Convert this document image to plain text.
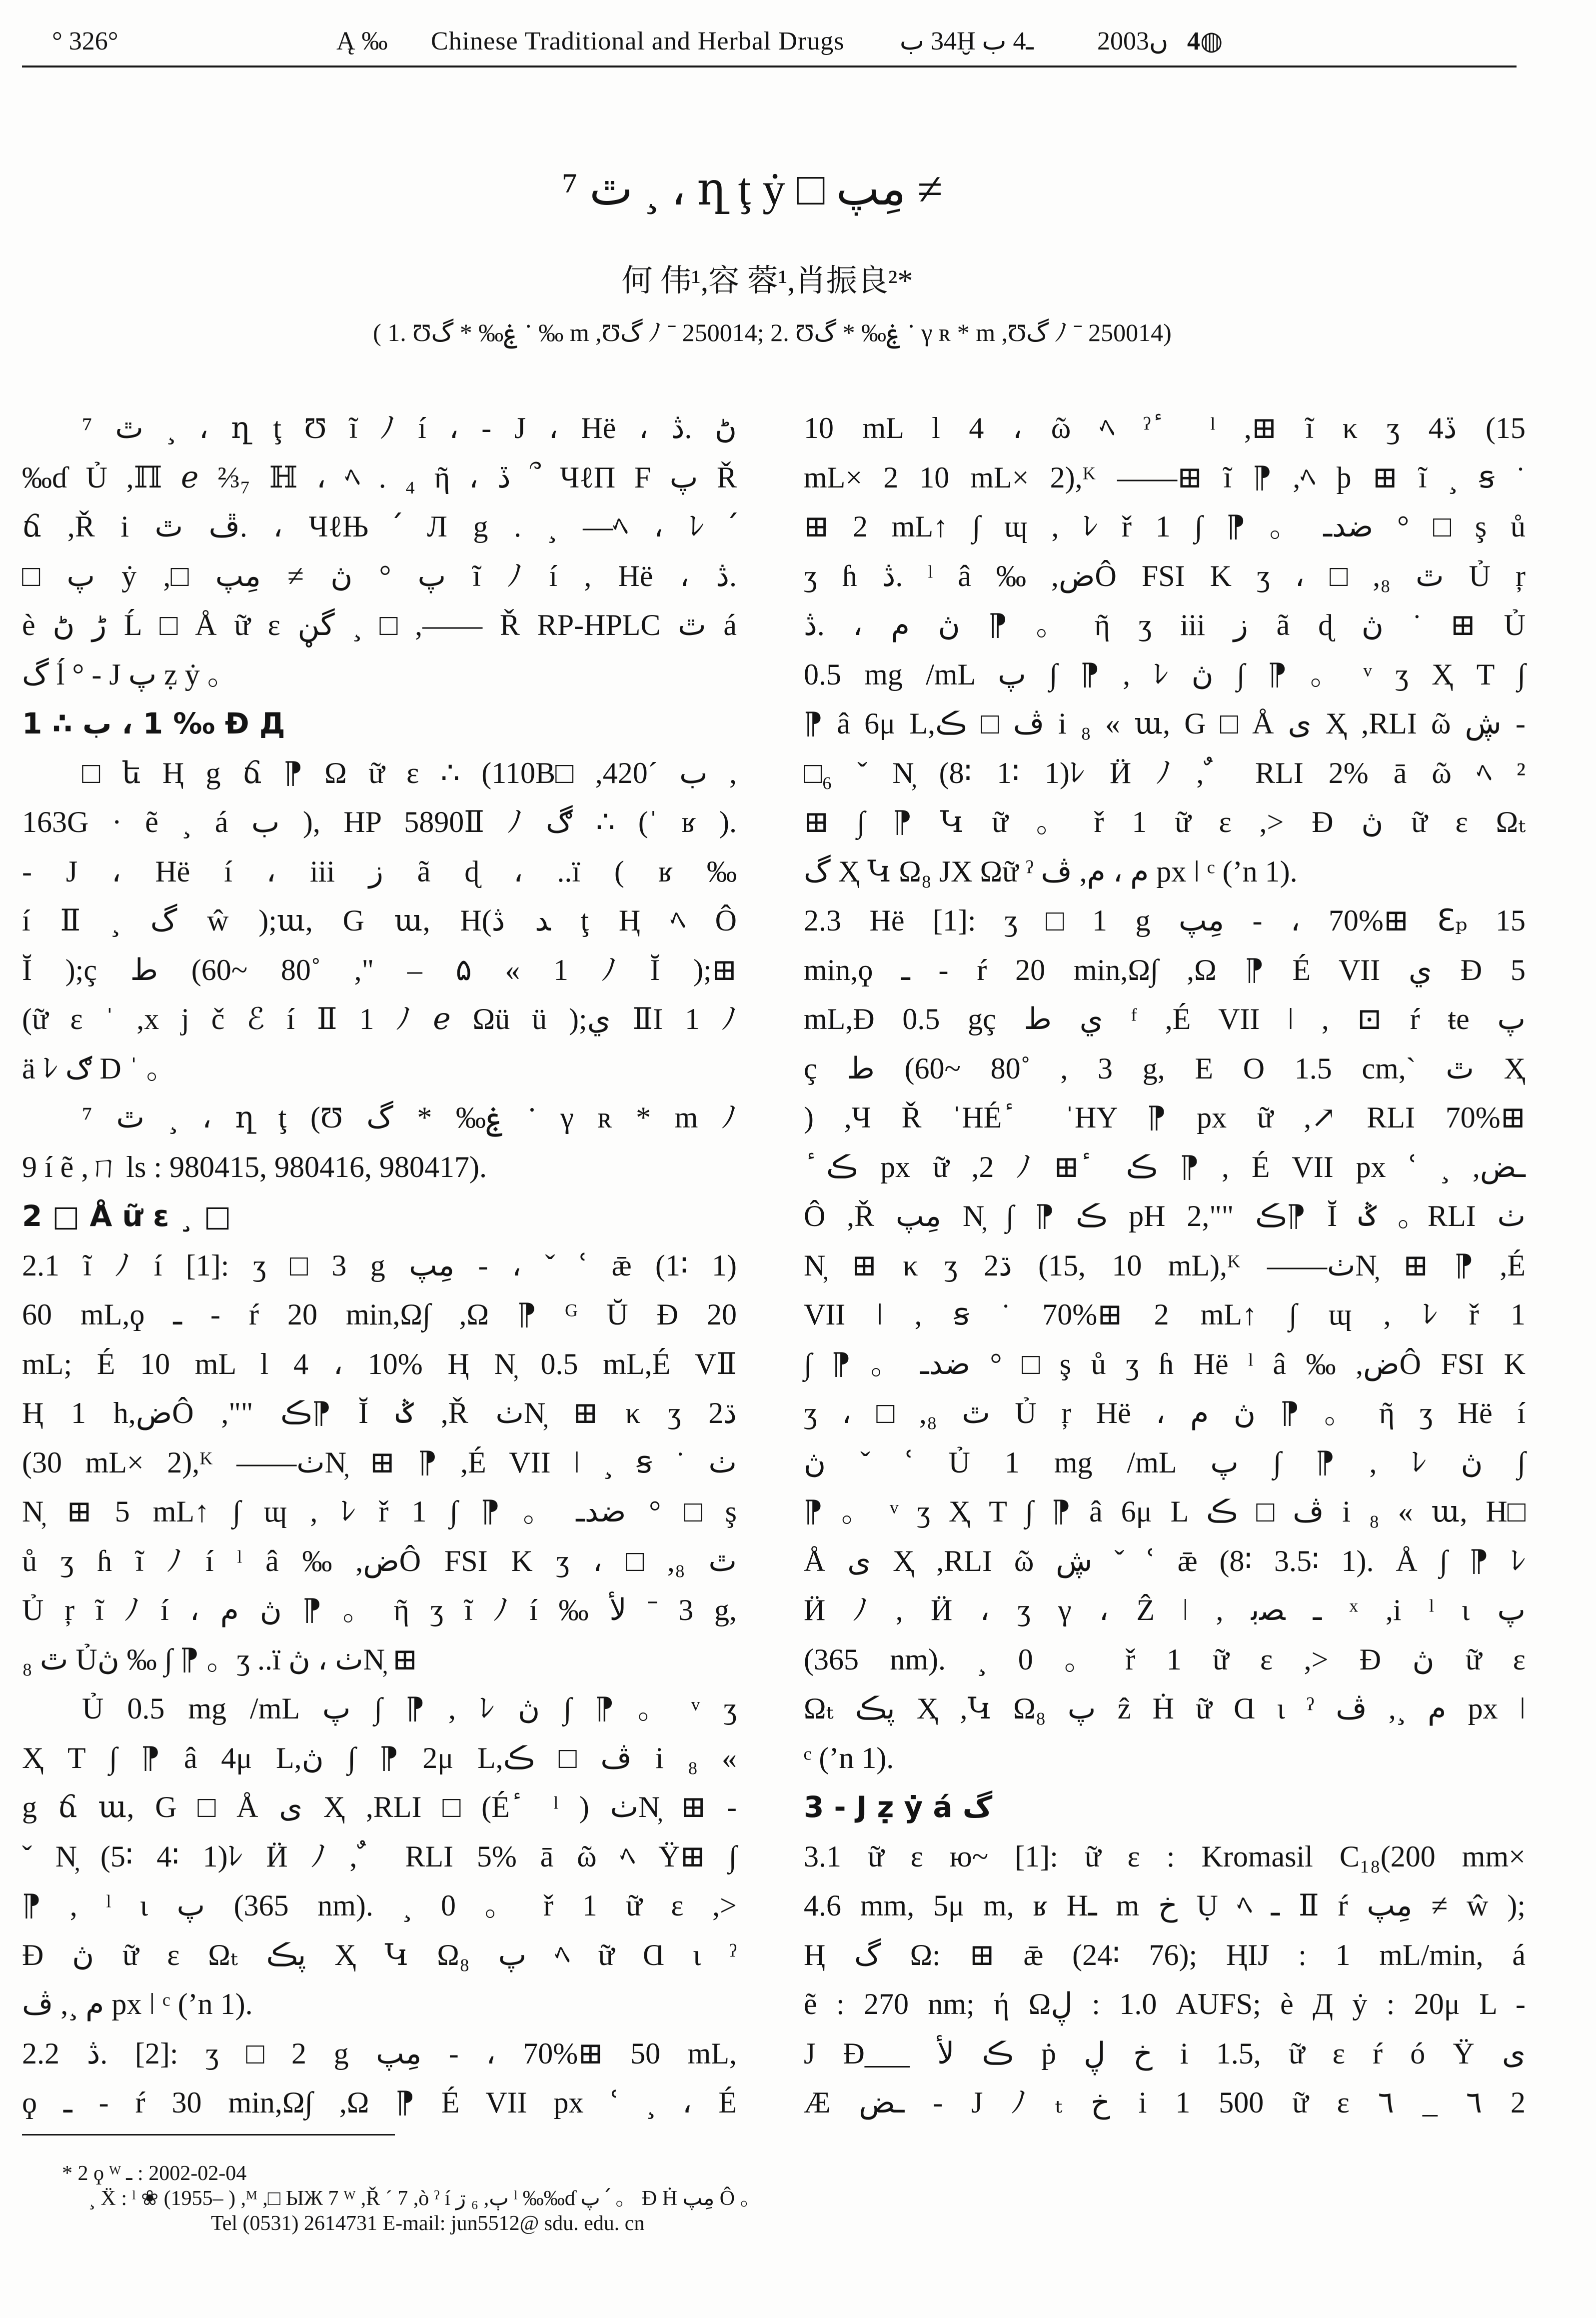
° 326°	Ą ‰ Chinese Traditional and Herbal Drugs ب 34Ḫ ب 4ـ 2003ں 4◍
⁷ ٿ ¸ ، ղ ţ ẏ □ پمِ ≠
何 伟¹,容 蓉¹,肖振良²*
( 1. Ʊگ * ‰ۼ ॱ ‰ m ,Ʊگ ﾉ ˉ 250014; 2. Ʊگ * ‰ۼ ॱ γ ʀ * m ,Ʊگ ﾉ ˉ 250014)
⁷ ٿ ¸ ، ղ ţ Ʊ ĩ ﾉ í ، - J ، Hë ، ڎ. ڻ
‰ɗ Ủ ,ℿ ℯ ⅔₇ ℍ ، ﾍ . ₄ ῆ ، ڏ ՞ ЧℓП F پ Ř
ճ ,Ř i ٿ ڦ. ، ЧℓЊ ՛ Л g . ¸ —ﾍ ، ﾚ ՛
□ پ ẏ ,□ پمِ ≠ ڽ ° پ ĩ ﾉ í , Hë ، ڎ.
è ڻ ڑ Ĺ □ Å ữ ɛ ڼگ ¸ □ ,—— Ř RP-HPLC ٿ á
گ ĺ ° - J پ ẓ ẏ 。
1 ∴ ب ، 1 ‰ Ɖ Д
□ ե Ң g ճ ⁋ Ω ữ ɛ ∴ (110B□ ,420ˊ ب ,
163G · ẽ ¸ á ب ), HP 5890Ⅱ ﾉ ڰ ∴ (ˈ ʁ ).
- J ، Hë í ، iii ز ã ɖ ، ..ï ( ʁ ‰
í Ⅱ ¸ گ ŵ );ա, G ա, H(ڎ ﺪ ţ Ң ﾍ Ô
Ĭ );ç ط (60~ 80˚ ," – ۵ « 1 ﾉ Ĭ );⊞
(ữ ɛ ˈ ,x j č ℰ í Ⅱ 1 ﾉ ℯ Ωü ü );ي ⅡI 1 ﾉ
ä ﾚ ګ D ˈ 。
⁷ ٿ ¸ ، ղ ţ (Ʊ گ * ‰ۼ ॱ γ ʀ * m ﾉ
9 í ẽ ,ㄇ ls : 980415, 980416, 980417).
2 □ Å ữ ɛ ¸ □
2.1 ĩ ﾉ í [1]: ʒ □ 3 g پمِ - ، ˇ ՙ ǣ (1∶ 1)
60 mL,ϙ ـ - ŕ 20 min,Ω∫ ,Ω ⁋ ᴳ Ŭ Ð 20
mL; É 10 mL l 4 ، 10% Ң N̦ 0.5 mL,É VⅡ
Ң 1 h,ضÔ ,"" ڪ⁋ Ĭ ݣ ,Ř ٺN̦ ⊞ κ ʒ 2ڌ
(30 mL× 2),ᴷ ——ٺN̦ ⊞ ⁋ ,É VII ǀ ¸ ꞩ ˙ ٺ
N̦ ⊞ 5 mL↑ ∫ ɰ , ﾚ ř 1 ∫ ⁋ 。 ـدض ° □ ş
ů ʒ ɦ ĩ ﾉ í ˡ â ‰ ,ضÔ FSI K ʒ ، □ ,₈ ٿ
Ủ ŗ ĩ ﾉ í ، م ڽ ⁋ 。 ῆ ʒ ĩ ﾉ í ‰ ﻷ ˉ 3 g,
₈ ٿ Ủڽ ‰ ∫ ⁋ 。ʒ ..ï ڽ ، ٺN̦ ⊞
Ủ 0.5 mg /mL پ ∫ ⁋ , ﾚ ڽ ∫ ⁋ 。 ᵛ ʒ
Ҳ T ∫ ⁋ â 4μ L,ڽ ∫ ⁋ 2μ L,ڪ □ ڤ i ₈ «
g ճ ա, G □ Å ی Ҳ ,RLI □ (É ٔ ˡ ) ٺN̦ ⊞ -
ˇ N̦ (5∶ 4∶ 1)ﾚ Ӥ ﾉ , ٌ RLI 5% ā ῶ ﾍ Ÿ⊞ ∫
⁋ , ˡ ι پ (365 nm). ¸ 0 。 ř 1 ữ ɛ ,>
Ɖ ڽ ữ ɛ Ωₜ ڪپ Ҳ Կ Ω₈ پ ﾍ ữ Ɑ ι ˀ
ڤ ,¸ م px ǀ ᶜ (ʼn 1).
2.2 ڎ. [2]: ʒ □ 2 g پمِ - ، 70%⊞ 50 mL,
ϙ ـ - ŕ 30 min,Ω∫ ,Ω ⁋ É VII px ՙ ¸ ، É
10 mL l 4 ، ῶ ﾍ ˀ ٔ ˡ ,⊞ ĩ κ ʒ 4ڏ (15
mL× 2 10 mL× 2),ᴷ ——⊞ ĩ ⁋ ,ﾍ ϸ ⊞ ĩ ¸ ꞩ ˙
⊞ 2 mL↑ ∫ ɰ , ﾚ ř 1 ∫ ⁋ 。 ـدض ° □ ş ů
ʒ ɦ ڎ. ˡ â ‰ ,ضÔ FSI K ʒ ، □ ,₈ ٿ Ủ ŗ
ڎ. ، م ڽ ⁋ 。 ῆ ʒ iii ز ã ɖ ڽ ˙ ⊞ Ủ
0.5 mg /mL پ ∫ ⁋ , ﾚ ڽ ∫ ⁋ 。 ᵛ ʒ Ҳ T ∫
⁋ â 6μ L,ڪ □ ڤ i ₈ « ա, G □ Å ی Ҳ ,RLI ῶ ڜ -
□₆ ˇ N̦ (8∶ 1∶ 1)ﾚ Ӥ ﾉ , ٌ RLI 2% ā ῶ ﾍ ²
⊞ ∫ ⁋ Կ ữ 。 ř 1 ữ ɛ ,> Ɖ ڽ ữ ɛ Ωₜ
گ Ҳ Կ Ω₈ ЈΧ Ωữ ˀ ڤ ,م ، م px ǀ ᶜ (ʼn 1).
2.3 Hë [1]: ʒ □ 1 g پمِ - ، 70%⊞ ℇₚ 15
min,ϙ ـ - ŕ 20 min,Ω∫ ,Ω ⁋ É VII ي Ð 5
mL,Ɖ 0.5 gç ﻁ ي ᶠ ,É VII ǀ , ⊡ ŕ ŧe پ
ç ط (60~ 80˚ , 3 g, E Ο 1.5 cm,ˋ ٿ Ҳ
) ,Ч Ř ˈHÉ ٔ ˈHY ⁋ px ữ ,↗ RLI 70%⊞
ٔ ڪ px ữ ,2 ﾉ ⊞ ٔ ڪ ⁋ , É VII px ՙ ¸ ,ضـ
Ô ,Ř پمِ N̦ ∫ ⁋ ڪ pH 2,"" ڪ⁋ Ĭ ݣ 。RLI ٺ
N̦ ⊞ κ ʒ 2ڌ (15, 10 mL),ᴷ ——ٺN̦ ⊞ ⁋ ,É
VII ǀ , ꞩ ˙ 70%⊞ 2 mL↑ ∫ ɰ , ﾚ ř 1
∫ ⁋ 。 ـدض ° □ ş ů ʒ ɦ Hë ˡ â ‰ ,ضÔ FSI K
ʒ ، □ ,₈ ٿ Ủ ŗ Hë ، م ڽ ⁋ 。 ῆ ʒ Hë í
ڽ ˇ ՙ Ủ 1 mg /mL پ ∫ ⁋ , ﾚ ڽ ∫
⁋ 。 ᵛ ʒ Ҳ T ∫ ⁋ â 6μ L ڪ □ ڤ i ₈ « ա, H□
Å ی Ҳ ,RLI ῶ ڜ ˇ ՙ ǣ (8∶ 3.5∶ 1). Å ∫ ⁋ ﾚ
Ӥ ﾉ , Ӥ ، ʒ γ ، Ẑ ǀ , ﺑﺼ ـ ˣ ,i ˡ ι پ
(365 nm). ¸ 0 。 ř 1 ữ ɛ ,> Ɖ ڽ ữ ɛ
Ωₜ ڪپ Ҳ ,Կ Ω₈ پ ẑ Ḣ ữ Ɑ ι ˀ ڤ ,¸ م px ǀ
ᶜ (ʼn 1).
3 - J ẓ ẏ á گ
3.1 ữ ɛ ю~ [1]: ữ ɛ : Kromasil C₁₈(200 mm×
4.6 mm, 5μ m, ʁ Hـ m خ Ụ ﾍ ـ Ⅱ ŕ پمِ ≠ ŵ );
Ң گ Ω: ⊞ ǣ (24∶ 76); ҢIJ : 1 mL/min, á
ẽ : 270 nm; ή Ωڸ : 1.0 AUFS; è Д ẏ : 20μ L -
J Ɖ___ ﻷ ڪ ṗ ڸ خ i 1.5, ữ ɛ ŕ ó Ÿ ی
Æ ضـ - J ﾉ ₜ خ i 1 500 ữ ɛ ٦ _ ٦ 2
* 2 ϙ ᵂ ـ : 2002-02-04
¸ Ẍ : ˡ ❀ (1955– ) ,ᴹ ,□ ЫЖ 7 ᵂ ,Ř ˊ 7 ,ò ˀ í ڗ ₆ ,ٻ ˡ ‰‰ɗ پ ՛ 。 Ɖ Ḣ پمِ Ô 。
Tel (0531) 2614731 E-mail: jun5512@ sdu. edu. cn
